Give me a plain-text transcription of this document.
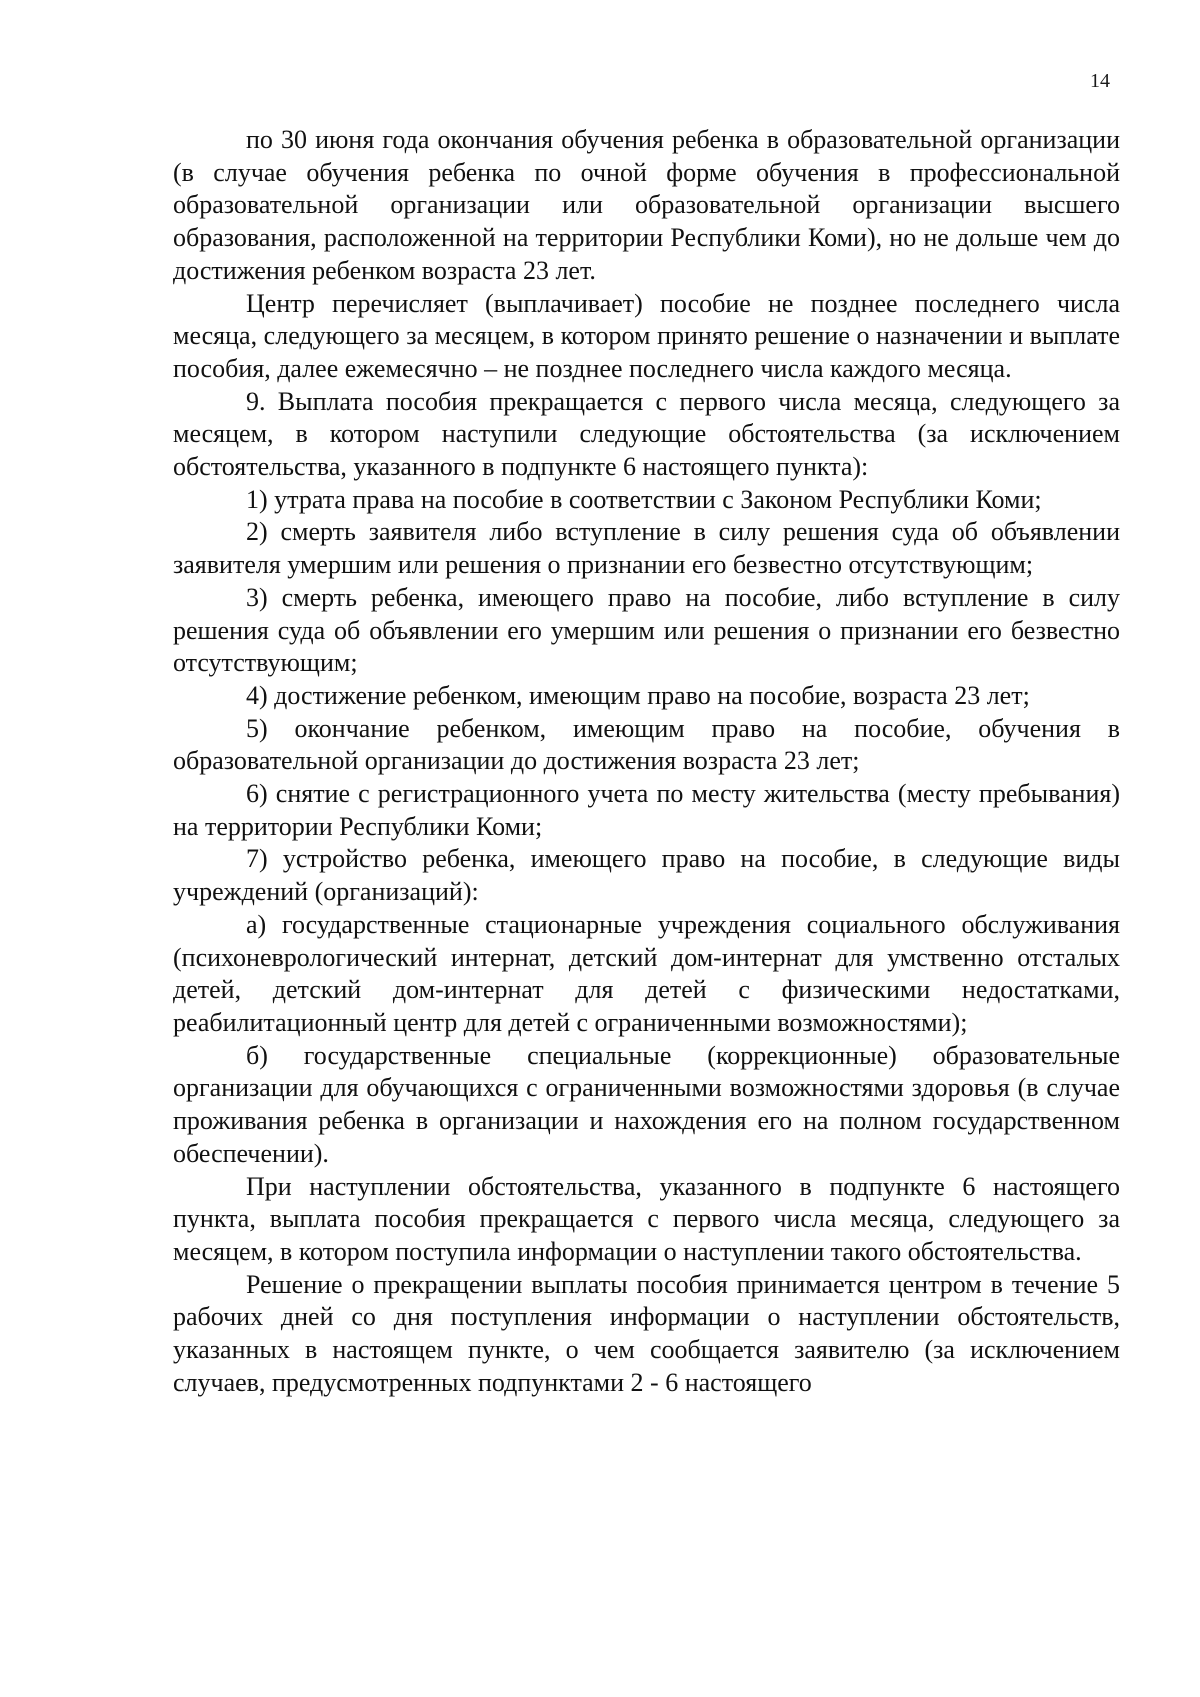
14

по 30 июня года окончания обучения ребенка в образовательной организации (в случае обучения ребенка по очной форме обучения в профессиональной образовательной организации или образовательной организации высшего образования, расположенной на территории Республики Коми), но не дольше чем до достижения ребенком возраста 23 лет.

Центр перечисляет (выплачивает) пособие не позднее последнего числа месяца, следующего за месяцем, в котором принято решение о назначении и выплате пособия, далее ежемесячно – не позднее последнего числа каждого месяца.

9. Выплата пособия прекращается с первого числа месяца, следующего за месяцем, в котором наступили следующие обстоятельства (за исключением обстоятельства, указанного в подпункте 6 настоящего пункта):

1) утрата права на пособие в соответствии с Законом Республики Коми;

2) смерть заявителя либо вступление в силу решения суда об объявлении заявителя умершим или решения о признании его безвестно отсутствующим;

3) смерть ребенка, имеющего право на пособие, либо вступление в силу решения суда об объявлении его умершим или решения о признании его безвестно отсутствующим;

4) достижение ребенком, имеющим право на пособие, возраста 23 лет;

5) окончание ребенком, имеющим право на пособие, обучения в образовательной организации до достижения возраста 23 лет;

6) снятие с регистрационного учета по месту жительства (месту пребывания) на территории Республики Коми;

7) устройство ребенка, имеющего право на пособие, в следующие виды учреждений (организаций):

а) государственные стационарные учреждения социального обслуживания (психоневрологический интернат, детский дом-интернат для умственно отсталых детей, детский дом-интернат для детей с физическими недостатками, реабилитационный центр для детей с ограниченными возможностями);

б) государственные специальные (коррекционные) образовательные организации для обучающихся с ограниченными возможностями здоровья (в случае проживания ребенка в организации и нахождения его на полном государственном обеспечении).

При наступлении обстоятельства, указанного в подпункте 6 настоящего пункта, выплата пособия прекращается с первого числа месяца, следующего за месяцем, в котором поступила информации о наступлении такого обстоятельства.

Решение о прекращении выплаты пособия принимается центром в течение 5 рабочих дней со дня поступления информации о наступлении обстоятельств, указанных в настоящем пункте, о чем сообщается заявителю (за исключением случаев, предусмотренных подпунктами 2 - 6 настоящего
